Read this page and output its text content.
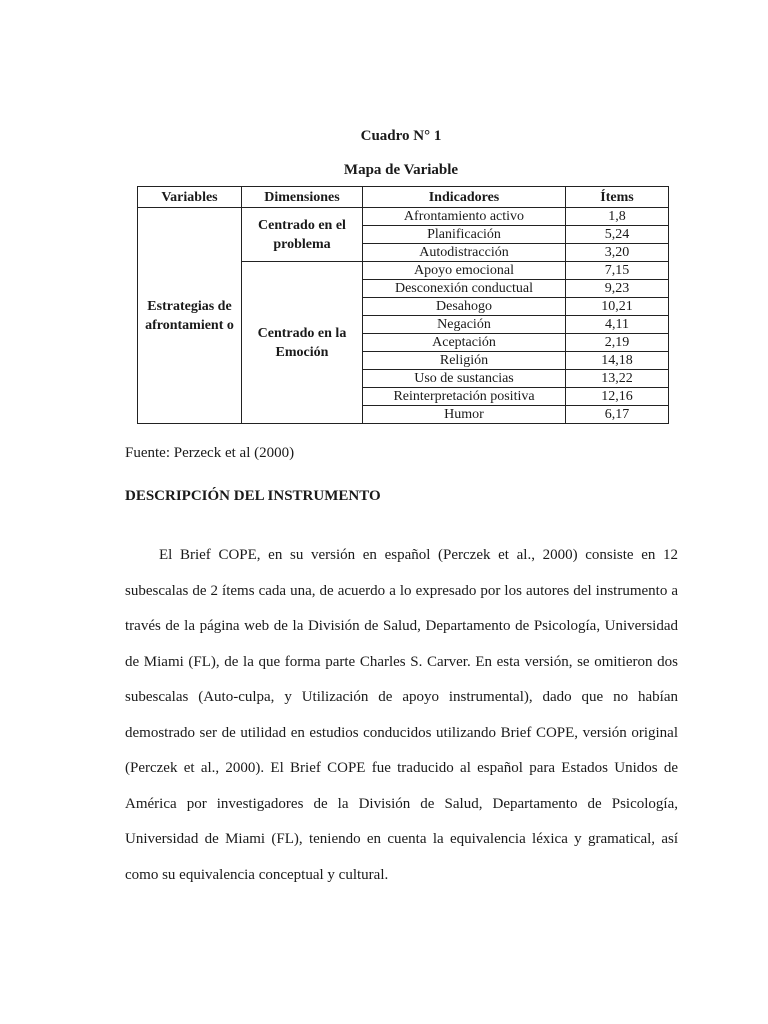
Cuadro N° 1
Mapa de Variable
Variables	Dimensiones	Indicadores	Ítems
Estrategias de afrontamient o	Centrado en el problema	Afrontamiento activo	1,8
		Planificación	5,24
		Autodistracción	3,20
	Centrado en la Emoción	Apoyo emocional	7,15
		Desconexión conductual	9,23
		Desahogo	10,21
		Negación	4,11
		Aceptación	2,19
		Religión	14,18
		Uso de sustancias	13,22
		Reinterpretación positiva	12,16
		Humor	6,17
Fuente: Perzeck et al (2000)
DESCRIPCIÓN DEL INSTRUMENTO
El Brief COPE, en su versión en español (Perczek et al., 2000) consiste en 12 subescalas de 2 ítems cada una, de acuerdo a lo expresado por los autores del instrumento a través de la página web de la División de Salud, Departamento de Psicología, Universidad de Miami (FL), de la que forma parte Charles S. Carver. En esta versión, se omitieron dos subescalas (Auto-culpa, y Utilización de apoyo instrumental), dado que no habían demostrado ser de utilidad en estudios conducidos utilizando Brief COPE, versión original (Perczek et al., 2000). El Brief COPE fue traducido al español para Estados Unidos de América por investigadores de la División de Salud, Departamento de Psicología, Universidad de Miami (FL), teniendo en cuenta la equivalencia léxica y gramatical, así como su equivalencia conceptual y cultural.
